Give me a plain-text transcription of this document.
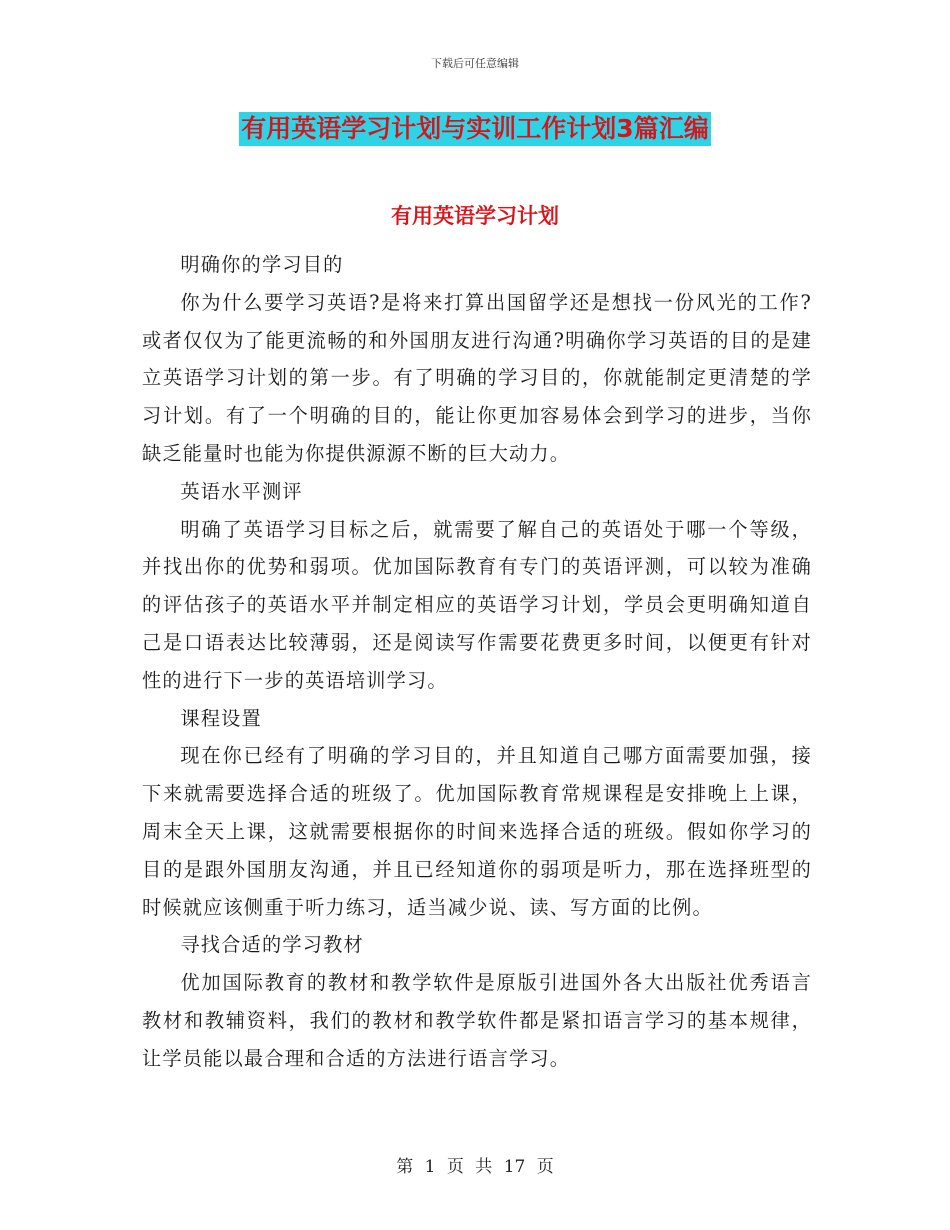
下载后可任意编辑
有用英语学习计划与实训工作计划3篇汇编
有用英语学习计划

明确你的学习目的

你为什么要学习英语?是将来打算出国留学还是想找一份风光的工作?或者仅仅为了能更流畅的和外国朋友进行沟通?明确你学习英语的目的是建立英语学习计划的第一步。有了明确的学习目的，你就能制定更清楚的学习计划。有了一个明确的目的，能让你更加容易体会到学习的进步，当你缺乏能量时也能为你提供源源不断的巨大动力。

英语水平测评

明确了英语学习目标之后，就需要了解自己的英语处于哪一个等级，并找出你的优势和弱项。优加国际教育有专门的英语评测，可以较为准确的评估孩子的英语水平并制定相应的英语学习计划，学员会更明确知道自己是口语表达比较薄弱，还是阅读写作需要花费更多时间，以便更有针对性的进行下一步的英语培训学习。

课程设置

现在你已经有了明确的学习目的，并且知道自己哪方面需要加强，接下来就需要选择合适的班级了。优加国际教育常规课程是安排晚上上课，周末全天上课，这就需要根据你的时间来选择合适的班级。假如你学习的目的是跟外国朋友沟通，并且已经知道你的弱项是听力，那在选择班型的时候就应该侧重于听力练习，适当减少说、读、写方面的比例。

寻找合适的学习教材

优加国际教育的教材和教学软件是原版引进国外各大出版社优秀语言教材和教辅资料，我们的教材和教学软件都是紧扣语言学习的基本规律，让学员能以最合理和合适的方法进行语言学习。

第 1 页 共 17 页
